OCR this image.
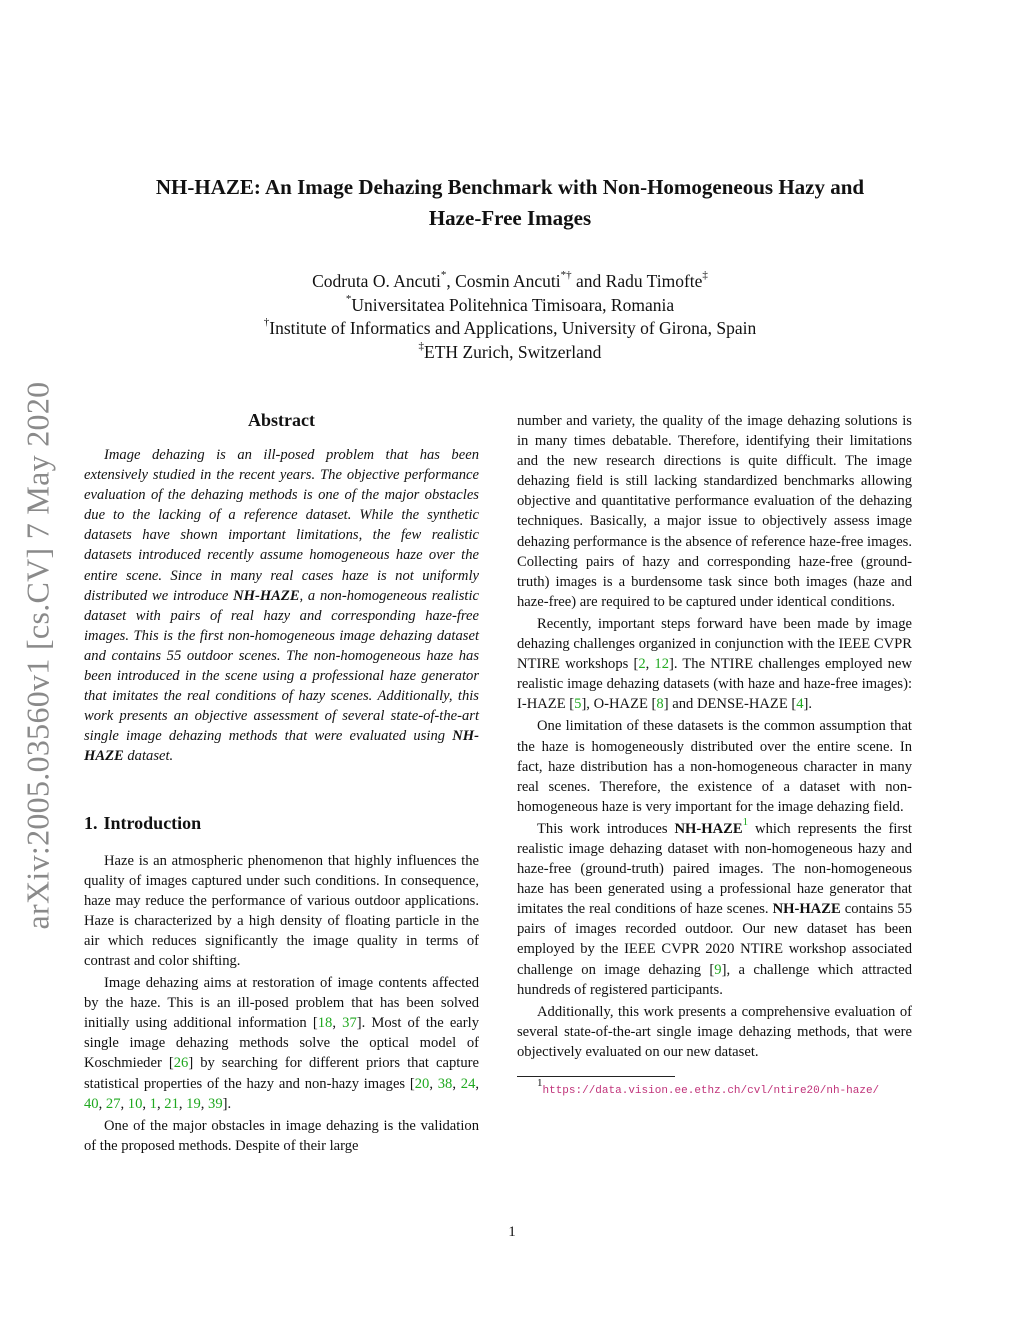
arXiv:2005.03560v1 [cs.CV] 7 May 2020
NH-HAZE: An Image Dehazing Benchmark with Non-Homogeneous Hazy and
Haze-Free Images
Codruta O. Ancuti*, Cosmin Ancuti*† and Radu Timofte‡
*Universitatea Politehnica Timisoara, Romania
†Institute of Informatics and Applications, University of Girona, Spain
‡ETH Zurich, Switzerland
Abstract

Image dehazing is an ill-posed problem that has been extensively studied in the recent years. The objective performance evaluation of the dehazing methods is one of the major obstacles due to the lacking of a reference dataset. While the synthetic datasets have shown important limitations, the few realistic datasets introduced recently assume homogeneous haze over the entire scene. Since in many real cases haze is not uniformly distributed we introduce NH-HAZE, a non-homogeneous realistic dataset with pairs of real hazy and corresponding haze-free images. This is the first non-homogeneous image dehazing dataset and contains 55 outdoor scenes. The non-homogeneous haze has been introduced in the scene using a professional haze generator that imitates the real conditions of hazy scenes. Additionally, this work presents an objective assessment of several state-of-the-art single image dehazing methods that were evaluated using NH-HAZE dataset.

1. Introduction

Haze is an atmospheric phenomenon that highly influences the quality of images captured under such conditions. In consequence, haze may reduce the performance of various outdoor applications. Haze is characterized by a high density of floating particle in the air which reduces significantly the image quality in terms of contrast and color shifting.

Image dehazing aims at restoration of image contents affected by the haze. This is an ill-posed problem that has been solved initially using additional information [18, 37]. Most of the early single image dehazing methods solve the optical model of Koschmieder [26] by searching for different priors that capture statistical properties of the hazy and non-hazy images [20, 38, 24, 40, 27, 10, 1, 21, 19, 39].

One of the major obstacles in image dehazing is the validation of the proposed methods. Despite of their large

number and variety, the quality of the image dehazing solutions is in many times debatable. Therefore, identifying their limitations and the new research directions is quite difficult. The image dehazing field is still lacking standardized benchmarks allowing objective and quantitative performance evaluation of the dehazing techniques. Basically, a major issue to objectively assess image dehazing performance is the absence of reference haze-free images. Collecting pairs of hazy and corresponding haze-free (ground-truth) images is a burdensome task since both images (haze and haze-free) are required to be captured under identical conditions.

Recently, important steps forward have been made by image dehazing challenges organized in conjunction with the IEEE CVPR NTIRE workshops [2, 12]. The NTIRE challenges employed new realistic image dehazing datasets (with haze and haze-free images): I-HAZE [5], O-HAZE [8] and DENSE-HAZE [4].

One limitation of these datasets is the common assumption that the haze is homogeneously distributed over the entire scene. In fact, haze distribution has a non-homogeneous character in many real scenes. Therefore, the existence of a dataset with non-homogeneous haze is very important for the image dehazing field.

This work introduces NH-HAZE$^1$ which represents the first realistic image dehazing dataset with non-homogeneous hazy and haze-free (ground-truth) paired images. The non-homogeneous haze has been generated using a professional haze generator that imitates the real conditions of haze scenes. NH-HAZE contains 55 pairs of images recorded outdoor. Our new dataset has been employed by the IEEE CVPR 2020 NTIRE workshop associated challenge on image dehazing [9], a challenge which attracted hundreds of registered participants.

Additionally, this work presents a comprehensive evaluation of several state-of-the-art single image dehazing methods, that were objectively evaluated on our new dataset.

$^1$https://data.vision.ee.ethz.ch/cvl/ntire20/nh-haze/
1
